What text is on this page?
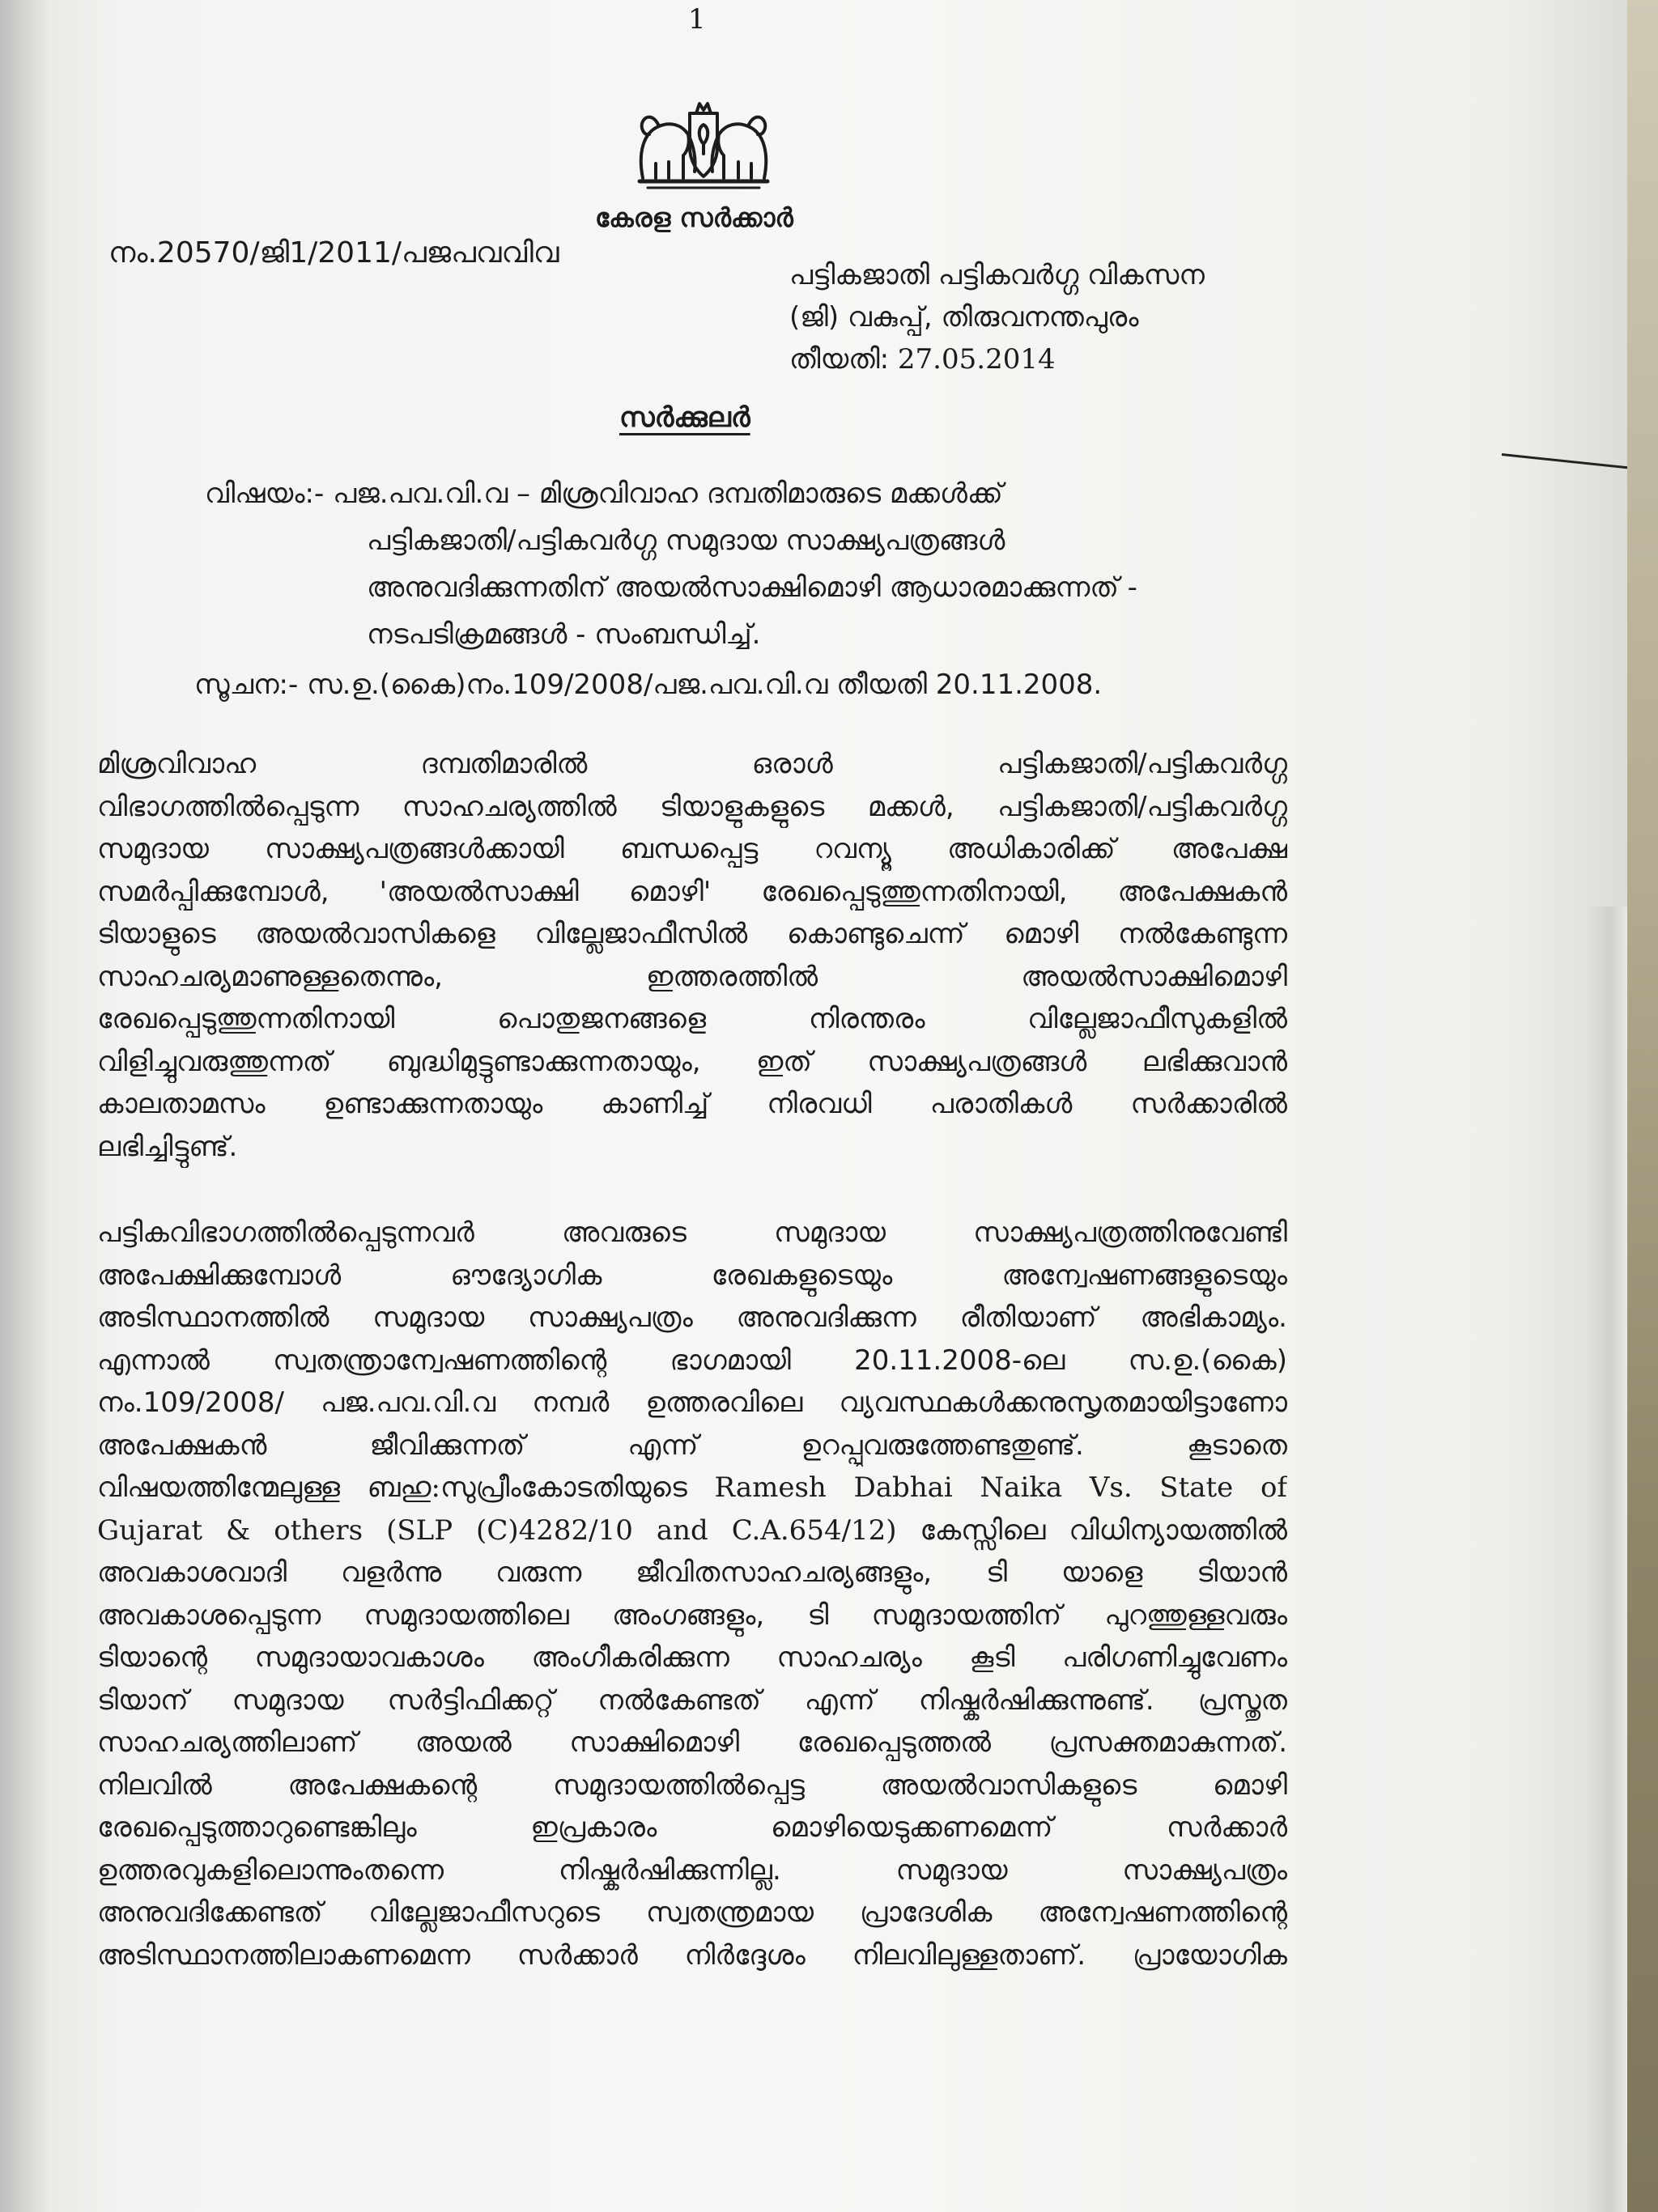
1
കേരള സർക്കാർ
നം.20570/ജി1/2011/പജപവവിവ
പട്ടികജാതി പട്ടികവർഗ്ഗ വികസന
(ജി) വകുപ്പ്, തിരുവനന്തപുരം
തീയതി: 27.05.2014
സർക്കുലർ
വിഷയം:- പജ.പവ.വി.വ – മിശ്രവിവാഹ ദമ്പതിമാരുടെ മക്കൾക്ക്
പട്ടികജാതി/പട്ടികവർഗ്ഗ സമുദായ സാക്ഷ്യപത്രങ്ങൾ
അനുവദിക്കുന്നതിന് അയൽസാക്ഷിമൊഴി ആധാരമാക്കുന്നത് -
നടപടിക്രമങ്ങൾ - സംബന്ധിച്ച്.
സൂചന:- സ.ഉ.(കൈ)നം.109/2008/പജ.പവ.വി.വ തീയതി 20.11.2008.
മിശ്രവിവാഹ ദമ്പതിമാരിൽ ഒരാൾ പട്ടികജാതി/പട്ടികവർഗ്ഗ
വിഭാഗത്തിൽപ്പെടുന്ന സാഹചര്യത്തിൽ ടിയാളുകളുടെ മക്കൾ, പട്ടികജാതി/പട്ടികവർഗ്ഗ
സമുദായ സാക്ഷ്യപത്രങ്ങൾക്കായി ബന്ധപ്പെട്ട റവന്യൂ അധികാരിക്ക് അപേക്ഷ
സമർപ്പിക്കുമ്പോൾ, 'അയൽസാക്ഷി മൊഴി' രേഖപ്പെടുത്തുന്നതിനായി, അപേക്ഷകൻ
ടിയാളുടെ അയൽവാസികളെ വില്ലേജാഫീസിൽ കൊണ്ടുചെന്ന് മൊഴി നൽകേണ്ടുന്ന
സാഹചര്യമാണുള്ളതെന്നും, ഇത്തരത്തിൽ അയൽസാക്ഷിമൊഴി
രേഖപ്പെടുത്തുന്നതിനായി പൊതുജനങ്ങളെ നിരന്തരം വില്ലേജാഫീസുകളിൽ
വിളിച്ചുവരുത്തുന്നത് ബുദ്ധിമുട്ടുണ്ടാക്കുന്നതായും, ഇത് സാക്ഷ്യപത്രങ്ങൾ ലഭിക്കുവാൻ
കാലതാമസം ഉണ്ടാക്കുന്നതായും കാണിച്ച് നിരവധി പരാതികൾ സർക്കാരിൽ
ലഭിച്ചിട്ടുണ്ട്.
പട്ടികവിഭാഗത്തിൽപ്പെടുന്നവർ അവരുടെ സമുദായ സാക്ഷ്യപത്രത്തിനുവേണ്ടി
അപേക്ഷിക്കുമ്പോൾ ഔദ്യോഗിക രേഖകളുടെയും അന്വേഷണങ്ങളുടെയും
അടിസ്ഥാനത്തിൽ സമുദായ സാക്ഷ്യപത്രം അനുവദിക്കുന്ന രീതിയാണ് അഭികാമ്യം.
എന്നാൽ സ്വതന്ത്രാന്വേഷണത്തിന്റെ ഭാഗമായി 20.11.2008-ലെ സ.ഉ.(കൈ)
നം.109/2008/ പജ.പവ.വി.വ നമ്പർ ഉത്തരവിലെ വ്യവസ്ഥകൾക്കനുസൃതമായിട്ടാണോ
അപേക്ഷകൻ ജീവിക്കുന്നത് എന്ന് ഉറപ്പുവരുത്തേണ്ടതുണ്ട്. കൂടാതെ
വിഷയത്തിന്മേലുള്ള ബഹു:സുപ്രീംകോടതിയുടെ Ramesh Dabhai Naika Vs. State of
Gujarat & others (SLP (C)4282/10 and C.A.654/12) കേസ്സിലെ വിധിന്യായത്തിൽ
അവകാശവാദി വളർന്നു വരുന്ന ജീവിതസാഹചര്യങ്ങളും, ടി യാളെ ടിയാൻ
അവകാശപ്പെടുന്ന സമുദായത്തിലെ അംഗങ്ങളും, ടി സമുദായത്തിന് പുറത്തുള്ളവരും
ടിയാന്റെ സമുദായാവകാശം അംഗീകരിക്കുന്ന സാഹചര്യം കൂടി പരിഗണിച്ചുവേണം
ടിയാന് സമുദായ സർട്ടിഫിക്കറ്റ് നൽകേണ്ടത് എന്ന് നിഷ്കർഷിക്കുന്നുണ്ട്. പ്രസ്തുത
സാഹചര്യത്തിലാണ് അയൽ സാക്ഷിമൊഴി രേഖപ്പെടുത്തൽ പ്രസക്തമാകുന്നത്.
നിലവിൽ അപേക്ഷകന്റെ സമുദായത്തിൽപ്പെട്ട അയൽവാസികളുടെ മൊഴി
രേഖപ്പെടുത്താറുണ്ടെങ്കിലും ഇപ്രകാരം മൊഴിയെടുക്കണമെന്ന് സർക്കാർ
ഉത്തരവുകളിലൊന്നുംതന്നെ നിഷ്കർഷിക്കുന്നില്ല. സമുദായ സാക്ഷ്യപത്രം
അനുവദിക്കേണ്ടത് വില്ലേജാഫീസറുടെ സ്വതന്ത്രമായ പ്രാദേശിക അന്വേഷണത്തിന്റെ
അടിസ്ഥാനത്തിലാകണമെന്ന സർക്കാർ നിർദ്ദേശം നിലവിലുള്ളതാണ്. പ്രായോഗിക
